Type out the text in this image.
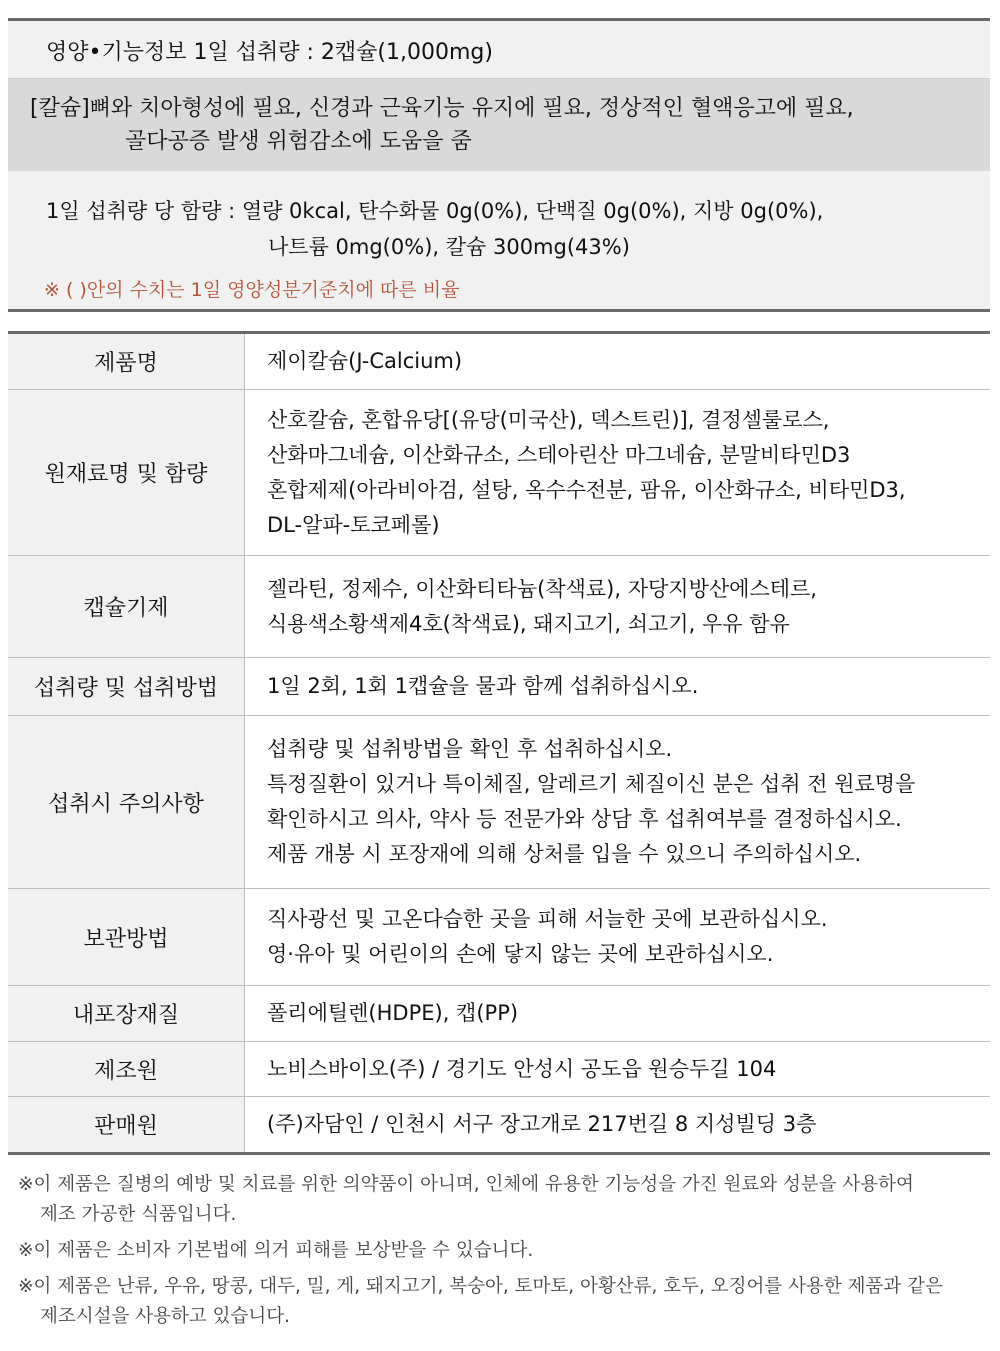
영양•기능정보 1일 섭취량 : 2캡슐(1,000mg)
[칼슘]뼈와 치아형성에 필요, 신경과 근육기능 유지에 필요, 정상적인 혈액응고에 필요,
골다공증 발생 위험감소에 도움을 줌
1일 섭취량 당 함량 : 열량 0kcal, 탄수화물 0g(0%), 단백질 0g(0%), 지방 0g(0%),
나트륨 0mg(0%), 칼슘 300mg(43%)
※ ( )안의 수치는 1일 영양성분기준치에 따른 비율
제품명	제이칼슘(J-Calcium)

원재료명 및 함량	산호칼슘, 혼합유당[(유당(미국산), 덱스트린)], 결정셀룰로스,
산화마그네슘, 이산화규소, 스테아린산 마그네슘, 분말비타민D3
혼합제제(아라비아검, 설탕, 옥수수전분, 팜유, 이산화규소, 비타민D3,
DL-알파-토코페롤)

캡슐기제	젤라틴, 정제수, 이산화티타늄(착색료), 자당지방산에스테르,
식용색소황색제4호(착색료), 돼지고기, 쇠고기, 우유 함유

섭취량 및 섭취방법	1일 2회, 1회 1캡슐을 물과 함께 섭취하십시오.

섭취시 주의사항	섭취량 및 섭취방법을 확인 후 섭취하십시오.
특정질환이 있거나 특이체질, 알레르기 체질이신 분은 섭취 전 원료명을
확인하시고 의사, 약사 등 전문가와 상담 후 섭취여부를 결정하십시오.
제품 개봉 시 포장재에 의해 상처를 입을 수 있으니 주의하십시오.

보관방법	직사광선 및 고온다습한 곳을 피해 서늘한 곳에 보관하십시오.
영·유아 및 어린이의 손에 닿지 않는 곳에 보관하십시오.

내포장재질	폴리에틸렌(HDPE), 캡(PP)

제조원	노비스바이오(주) / 경기도 안성시 공도읍 원승두길 104

판매원	(주)자담인 / 인천시 서구 장고개로 217번길 8 지성빌딩 3층
※이 제품은 질병의 예방 및 치료를 위한 의약품이 아니며, 인체에 유용한 기능성을 가진 원료와 성분을 사용하여
제조 가공한 식품입니다.
※이 제품은 소비자 기본법에 의거 피해를 보상받을 수 있습니다.
※이 제품은 난류, 우유, 땅콩, 대두, 밀, 게, 돼지고기, 복숭아, 토마토, 아황산류, 호두, 오징어를 사용한 제품과 같은
제조시설을 사용하고 있습니다.
